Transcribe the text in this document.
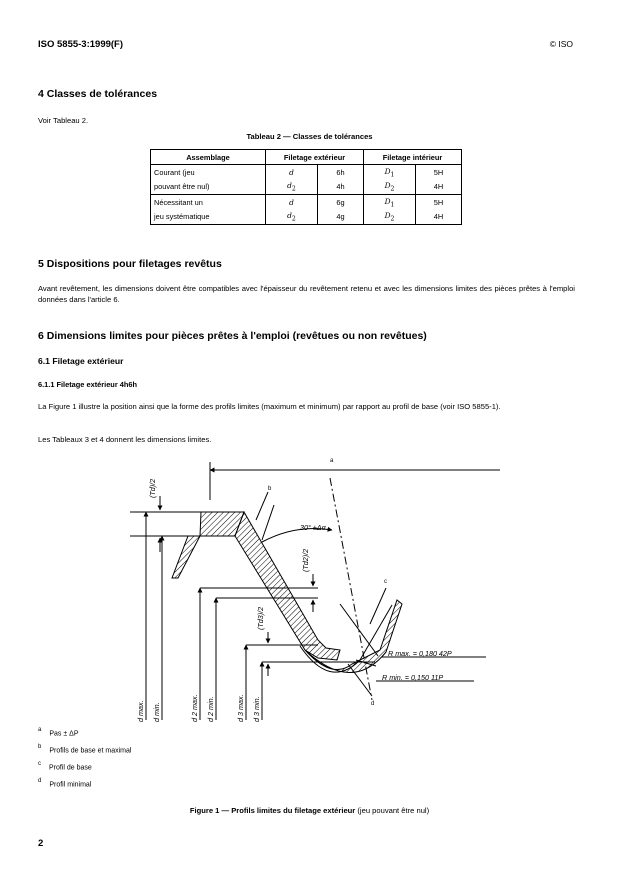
ISO 5855-3:1999(F)	© ISO
4 Classes de tolérances
Voir Tableau 2.
Tableau 2 — Classes de tolérances
Assemblage	Filetage extérieur		Filetage intérieur	
Courant (jeu	d	6h	$D_1$	5H
pouvant être nul)	$d_2$	4h	$D_2$	4H
Nécessitant un	d	6g	$D_1$	5H
jeu systématique	$d_2$	4g	$D_2$	4H
5 Dispositions pour filetages revêtus
Avant revêtement, les dimensions doivent être compatibles avec l'épaisseur du revêtement retenu et avec les dimensions limites des pièces prêtes à l'emploi données dans l'article 6.
6 Dimensions limites pour pièces prêtes à l'emploi (revêtues ou non revêtues)
6.1 Filetage extérieur
6.1.1 Filetage extérieur 4h6h
La Figure 1 illustre la position ainsi que la forme des profils limites (maximum et minimum) par rapport au profil de base (voir ISO 5855-1).
Les Tableaux 3 et 4 donnent les dimensions limites.
a
b
c
d
30° ±Δα
R max. = 0,180 42P
R min. = 0,150 11P
(Td)/2
(Td2)/2
(Td3)/2
d max. d min.	d 2 max. d 2 min.	d 3 max. d 3 min.
$^a$Pas ± ΔP
$^b$Profils de base et maximal
$^c$Profil de base
$^d$Profil minimal
Figure 1 — Profils limites du filetage extérieur (jeu pouvant être nul)
2
